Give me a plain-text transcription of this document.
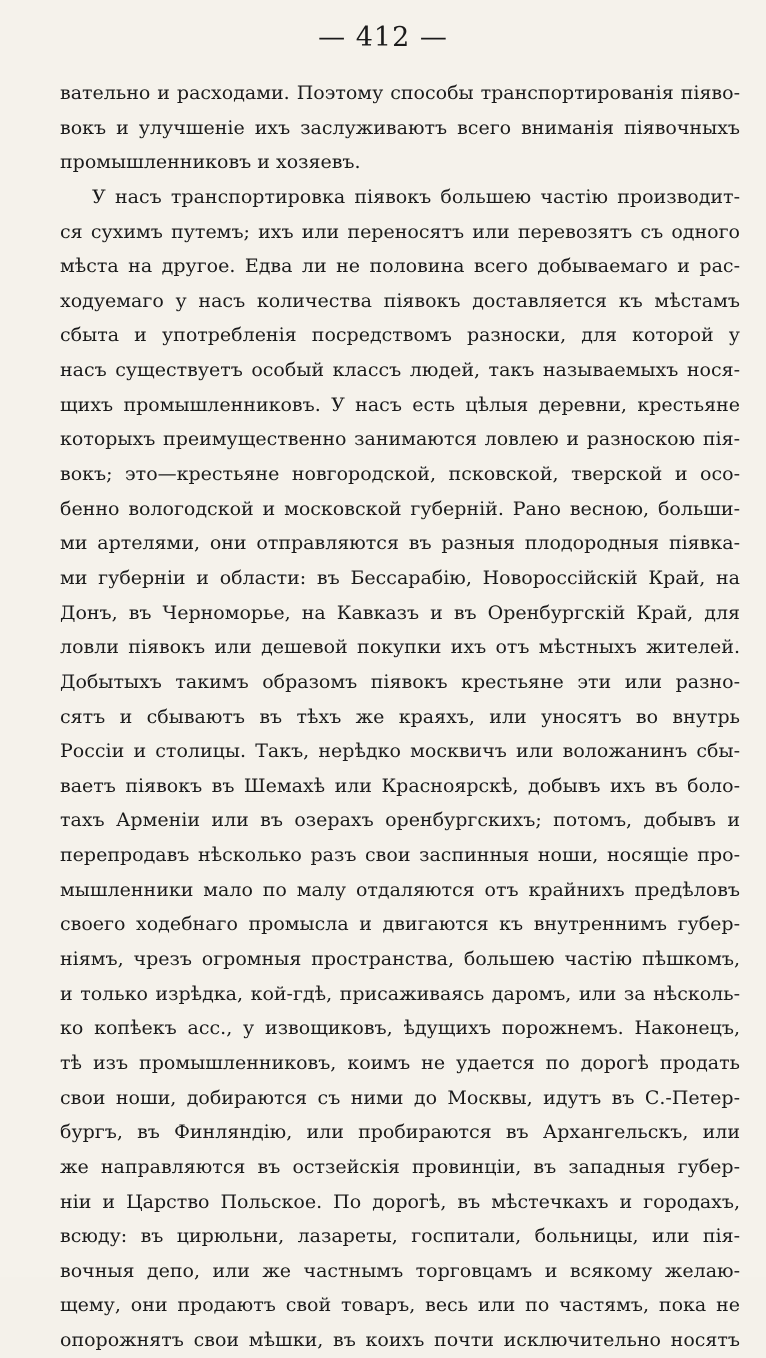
— 412 —
вательно и расходами. Поэтому способы транспортированія піяво-
вокъ и улучшеніе ихъ заслуживаютъ всего вниманія піявочныхъ
промышленниковъ и хозяевъ.
У насъ транспортировка піявокъ большею частію производит-
ся сухимъ путемъ; ихъ или переносятъ или перевозятъ съ одного
мѣста на другое. Едва ли не половина всего добываемаго и рас-
ходуемаго у насъ количества піявокъ доставляется къ мѣстамъ
сбыта и употребленія посредствомъ разноски, для которой у
насъ существуетъ особый классъ людей, такъ называемыхъ нося-
щихъ промышленниковъ. У насъ есть цѣлыя деревни, крестьяне
которыхъ преимущественно занимаются ловлею и разноскою пія-
вокъ; это—крестьяне новгородской, псковской, тверской и осо-
бенно вологодской и московской губерній. Рано весною, больши-
ми артелями, они отправляются въ разныя плодородныя піявка-
ми губерніи и области: въ Бессарабію, Новороссійскій Край, на
Донъ, въ Черноморье, на Кавказъ и въ Оренбургскій Край, для
ловли піявокъ или дешевой покупки ихъ отъ мѣстныхъ жителей.
Добытыхъ такимъ образомъ піявокъ крестьяне эти или разно-
сятъ и сбываютъ въ тѣхъ же краяхъ, или уносятъ во внутрь
Россіи и столицы. Такъ, нерѣдко москвичъ или воложанинъ сбы-
ваетъ піявокъ въ Шемахѣ или Красноярскѣ, добывъ ихъ въ боло-
тахъ Арменіи или въ озерахъ оренбургскихъ; потомъ, добывъ и
перепродавъ нѣсколько разъ свои заспинныя ноши, носящіе про-
мышленники мало по малу отдаляются отъ крайнихъ предѣловъ
своего ходебнаго промысла и двигаются къ внутреннимъ губер-
ніямъ, чрезъ огромныя пространства, большею частію пѣшкомъ,
и только изрѣдка, кой-гдѣ, присаживаясь даромъ, или за нѣсколь-
ко копѣекъ асс., у извощиковъ, ѣдущихъ порожнемъ. Наконецъ,
тѣ изъ промышленниковъ, коимъ не удается по дорогѣ продать
свои ноши, добираются съ ними до Москвы, идутъ въ С.-Петер-
бургъ, въ Финляндію, или пробираются въ Архангельскъ, или
же направляются въ остзейскія провинціи, въ западныя губер-
ніи и Царство Польское. По дорогѣ, въ мѣстечкахъ и городахъ,
всюду: въ цирюльни, лазареты, госпитали, больницы, или пія-
вочныя депо, или же частнымъ торговцамъ и всякому желаю-
щему, они продаютъ свой товаръ, весь или по частямъ, пока не
опорожнятъ свои мѣшки, въ коихъ почти исключительно носятъ
